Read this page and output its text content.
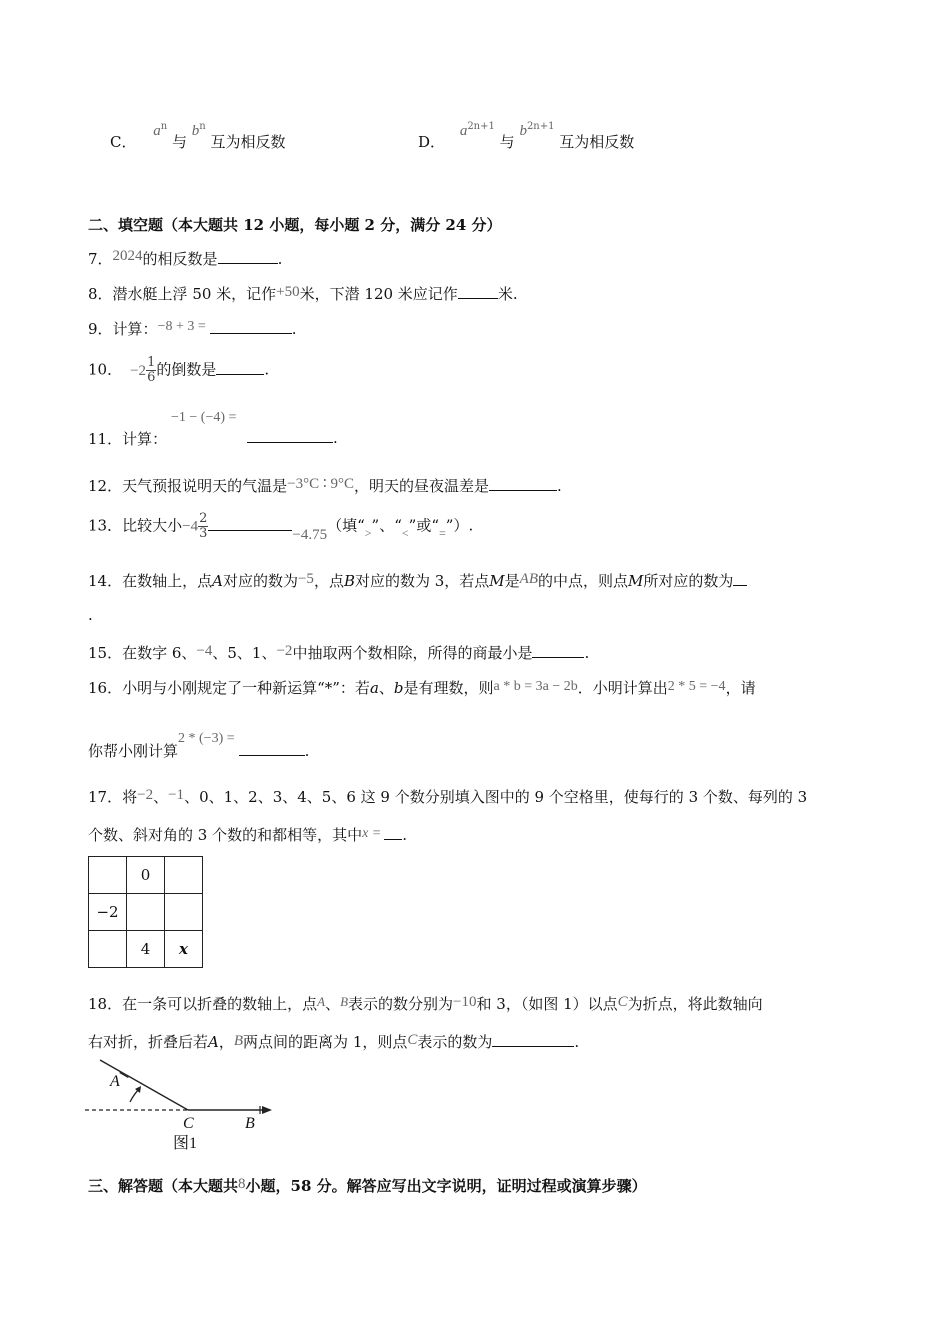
C． $a^n$ 与 $b^n$ 互为相反数	D． $a^{2n+1}$ 与 $b^{2n+1}$ 互为相反数
二、填空题（本大题共 12 小题，每小题 2 分，满分 24 分）
7．2024的相反数是	.
8．潜水艇上浮 50 米，记作+50米，下潜 120 米应记作	米.
9．计算：−8 + 3 =	.
10． $-2 \frac{1}{6}$ 的倒数是	.
11．计算：
−1 − (−4) =
.
12．天气预报说明天的气温是−3°C ∶ 9°C，明天的昼夜温差是	.
13．比较大小$-4 \frac{2}{3}$	−4.75（填“$_>$”、“$_<$”或“$_=$”）.
14．在数轴上，点A对应的数为−5，点B对应的数为 3，若点M是AB的中点，则点M所对应的数为
.
15．在数字 6、−4、5、1、−2中抽取两个数相除，所得的商最小是	.
16．小明与小刚规定了一种新运算“*”：若a、b是有理数，则a * b = 3a − 2b．小明计算出2 * 5 = −4，请
你帮小刚计算2 * (−3) =.
17．将−2、−1、0、1、2、3、4、5、6 这 9 个数分别填入图中的 9 个空格里，使每行的 3 个数、每列的 3
个数、斜对角的 3 个数的和都相等，其中x = .
	0	
−2		
	4	x
18．在一条可以折叠的数轴上，点A、B表示的数分别为−10和 3，（如图 1）以点C为折点，将此数轴向
右对折，折叠后若A，B两点间的距离为 1，则点C表示的数为	.
A
C	B
图1
三、解答题（本大题共8小题，58 分。解答应写出文字说明，证明过程或演算步骤）
